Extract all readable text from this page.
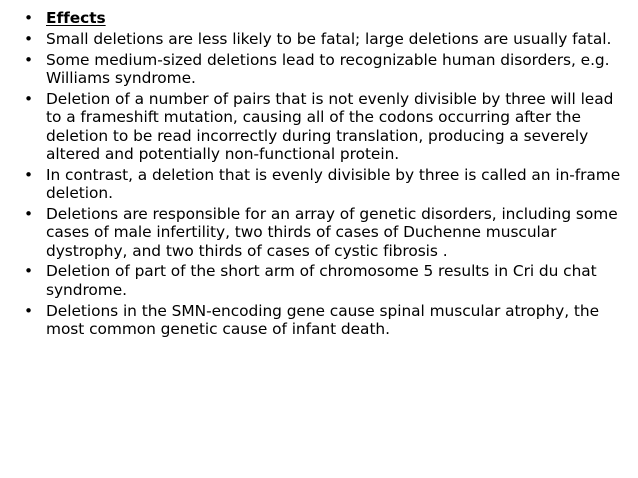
• Effects
• Small deletions are less likely to be fatal; large deletions are usually fatal.
• Some medium-sized deletions lead to recognizable human disorders, e.g. Williams syndrome.
• Deletion of a number of pairs that is not evenly divisible by three will lead to a frameshift mutation, causing all of the codons occurring after the deletion to be read incorrectly during translation, producing a severely altered and potentially non-functional protein.
• In contrast, a deletion that is evenly divisible by three is called an in-frame deletion.
• Deletions are responsible for an array of genetic disorders, including some cases of male infertility, two thirds of cases of Duchenne muscular dystrophy, and two thirds of cases of cystic fibrosis .
• Deletion of part of the short arm of chromosome 5 results in Cri du chat syndrome.
• Deletions in the SMN-encoding gene cause spinal muscular atrophy, the most common genetic cause of infant death.
